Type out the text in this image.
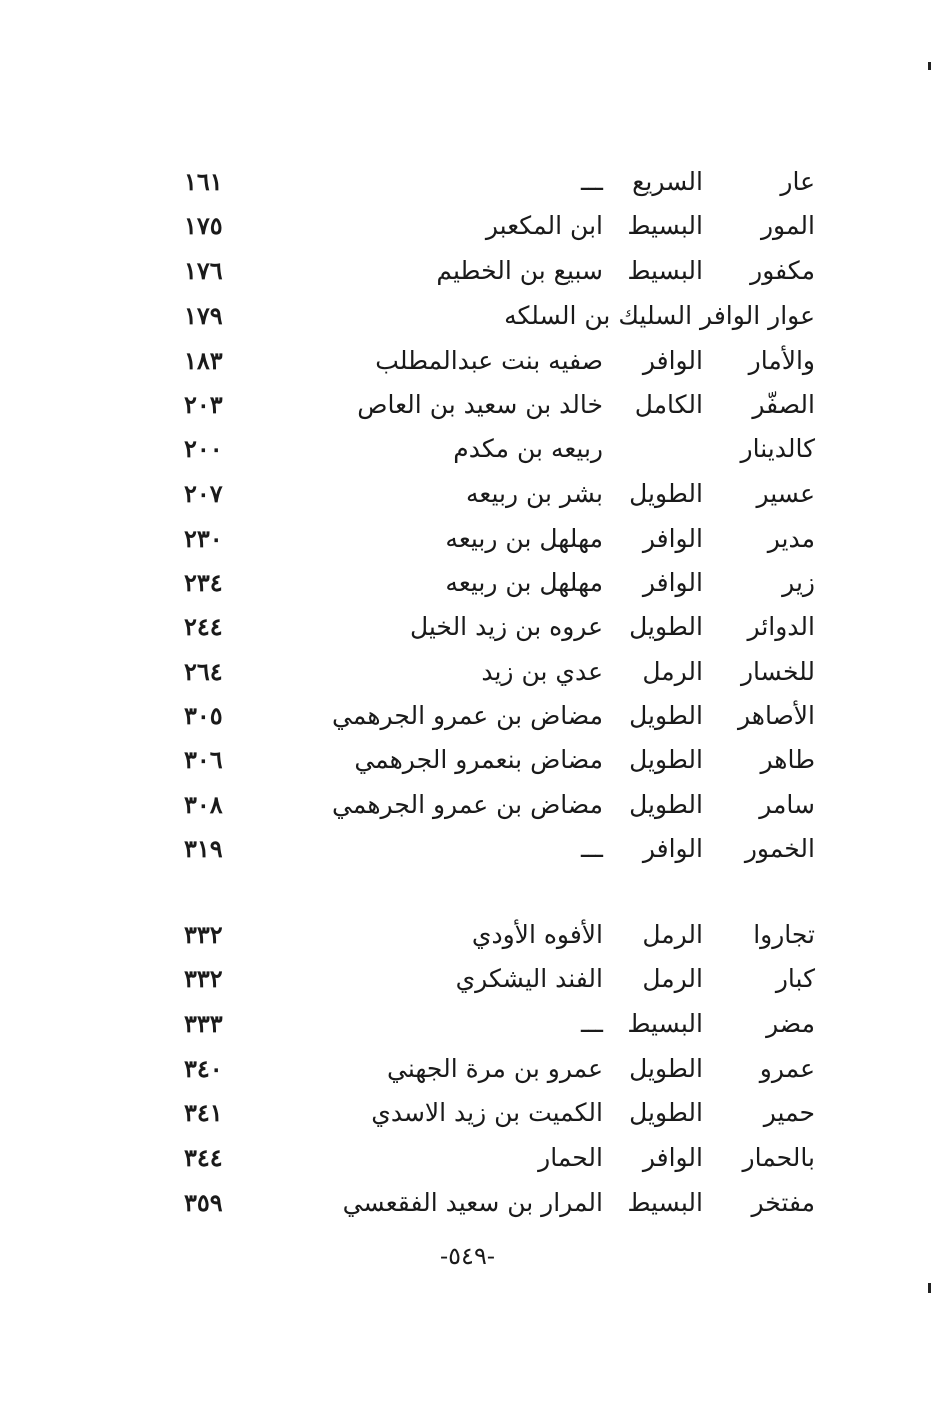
عار
السريع
ـــ
١٦١
المور
البسيط
ابن المكعبر
١٧٥
مكفور
البسيط
سبيع بن الخطيم
١٧٦
عوار الوافر السليك بن السلكه
١٧٩
والأمار
الوافر
صفيه بنت عبدالمطلب
١٨٣
الصفّر
الكامل
خالد بن سعيد بن العاص
٢٠٣
كالدينار
ربيعه بن مكدم
٢٠٠
عسير
الطويل
بشر بن ربيعه
٢٠٧
مدير
الوافر
مهلهل بن ربيعه
٢٣٠
زير
الوافر
مهلهل بن ربيعه
٢٣٤
الدوائر
الطويل
عروه بن زيد الخيل
٢٤٤
للخسار
الرمل
عدي بن زيد
٢٦٤
الأصاهر
الطويل
مضاض بن عمرو الجرهمي
٣٠٥
طاهر
الطويل
مضاض بنعمرو الجرهمي
٣٠٦
سامر
الطويل
مضاض بن عمرو الجرهمي
٣٠٨
الخمور
الوافر
ـــ
٣١٩
تجاروا
الرمل
الأفوه الأودي
٣٣٢
كبار
الرمل
الفند اليشكري
٣٣٢
مضر
البسيط
ـــ
٣٣٣
عمرو
الطويل
عمرو بن مرة الجهني
٣٤٠
حمير
الطويل
الكميت بن زيد الاسدي
٣٤١
بالحمار
الوافر
الحمار
٣٤٤
مفتخر
البسيط
المرار بن سعيد الفقعسي
٣٥٩
-٥٤٩-
